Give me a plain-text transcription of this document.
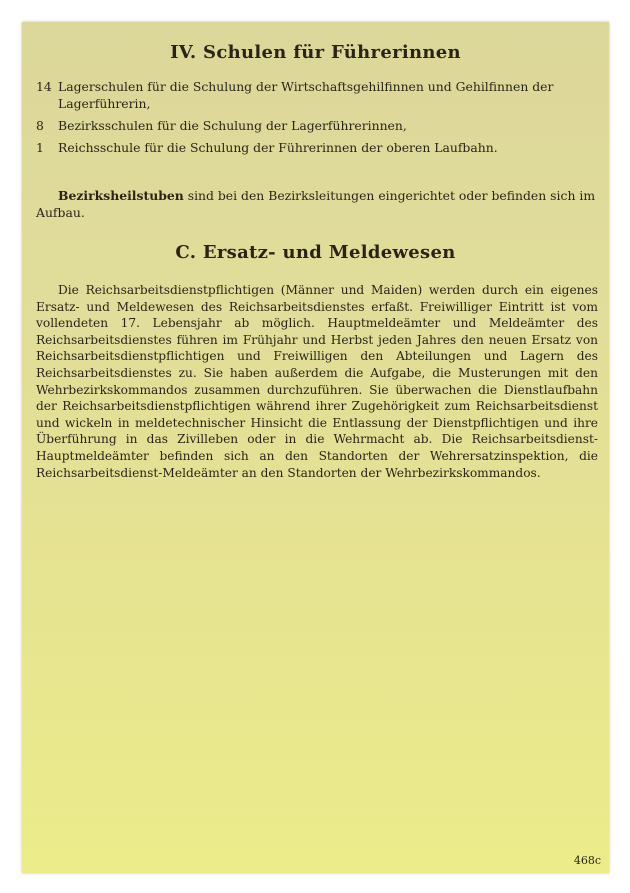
IV. Schulen für Führerinnen
14 Lagerschulen für die Schulung der Wirtschaftsgehilfinnen und Gehilfinnen der Lagerführerin,
8	Bezirksschulen für die Schulung der Lagerführerinnen,
1	Reichsschule für die Schulung der Führerinnen der oberen Laufbahn.
Bezirksheilstuben sind bei den Bezirksleitungen eingerichtet oder befinden sich im Aufbau.
C. Ersatz- und Meldewesen
Die Reichsarbeitsdienstpflichtigen (Männer und Maiden) werden durch ein eigenes Ersatz- und Meldewesen des Reichsarbeitsdienstes erfaßt. Freiwilliger Eintritt ist vom vollendeten 17. Lebensjahr ab möglich. Hauptmeldeämter und Meldeämter des Reichsarbeitsdienstes führen im Frühjahr und Herbst jeden Jahres den neuen Ersatz von Reichsarbeitsdienstpflichtigen und Freiwilligen den Abteilungen und Lagern des Reichsarbeitsdienstes zu. Sie haben außerdem die Aufgabe, die Musterungen mit den Wehrbezirkskommandos zusammen durchzuführen. Sie überwachen die Dienstlaufbahn der Reichsarbeitsdienstpflichtigen während ihrer Zugehörigkeit zum Reichsarbeitsdienst und wickeln in meldetechnischer Hinsicht die Entlassung der Dienstpflichtigen und ihre Überführung in das Zivilleben oder in die Wehrmacht ab. Die Reichsarbeitsdienst-Hauptmeldeämter befinden sich an den Standorten der Wehrersatzinspektion, die Reichsarbeitsdienst-Meldeämter an den Standorten der Wehrbezirkskommandos.
468c
